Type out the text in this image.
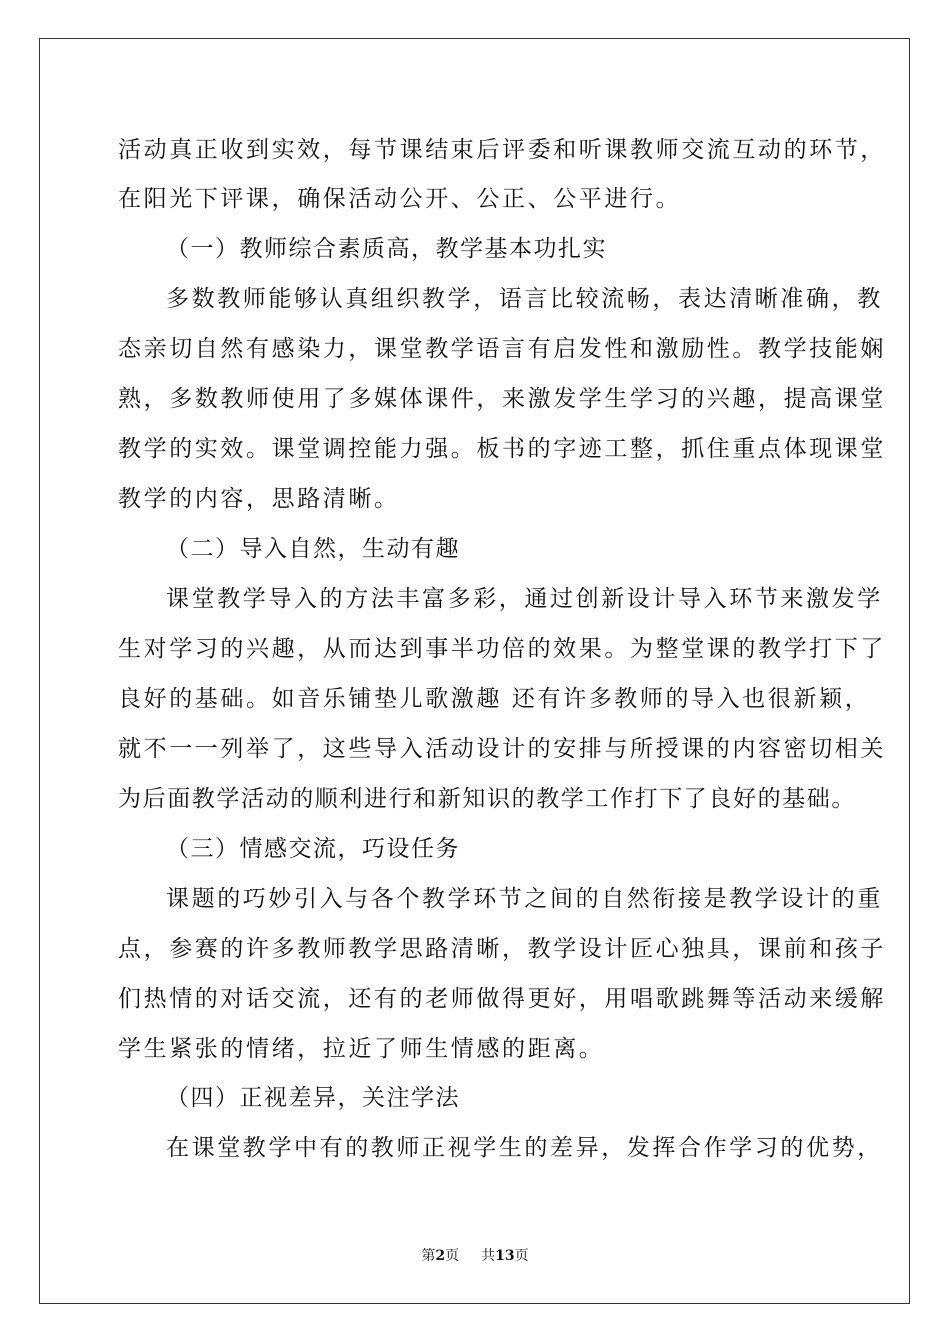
活动真正收到实效，每节课结束后评委和听课教师交流互动的环节，
在阳光下评课，确保活动公开、公正、公平进行。
（一）教师综合素质高，教学基本功扎实
多数教师能够认真组织教学，语言比较流畅，表达清晰准确，教
态亲切自然有感染力，课堂教学语言有启发性和激励性。教学技能娴
熟，多数教师使用了多媒体课件，来激发学生学习的兴趣，提高课堂
教学的实效。课堂调控能力强。板书的字迹工整，抓住重点体现课堂
教学的内容，思路清晰。
（二）导入自然，生动有趣
课堂教学导入的方法丰富多彩，通过创新设计导入环节来激发学
生对学习的兴趣，从而达到事半功倍的效果。为整堂课的教学打下了
良好的基础。如音乐铺垫儿歌激趣 还有许多教师的导入也很新颖，
就不一一列举了，这些导入活动设计的安排与所授课的内容密切相关
为后面教学活动的顺利进行和新知识的教学工作打下了良好的基础。
（三）情感交流，巧设任务
课题的巧妙引入与各个教学环节之间的自然衔接是教学设计的重
点，参赛的许多教师教学思路清晰，教学设计匠心独具，课前和孩子
们热情的对话交流，还有的老师做得更好，用唱歌跳舞等活动来缓解
学生紧张的情绪，拉近了师生情感的距离。
（四）正视差异，关注学法
在课堂教学中有的教师正视学生的差异，发挥合作学习的优势，
第2页 共13页
